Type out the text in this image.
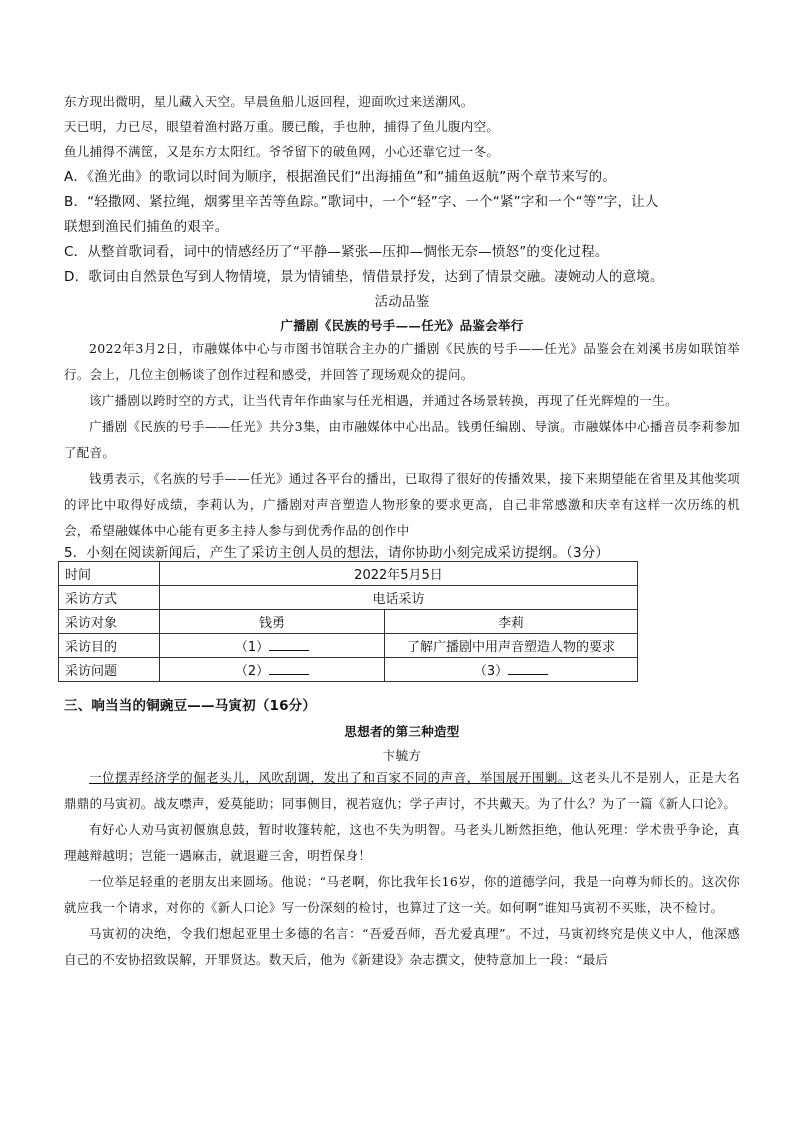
东方现出微明，星儿藏入天空。早晨鱼船儿返回程，迎面吹过来送潮风。

天已明，力已尽，眼望着渔村路万重。腰已酸，手也肿，捕得了鱼儿腹内空。

鱼儿捕得不满筐，又是东方太阳红。爷爷留下的破鱼网，小心还靠它过一冬。

A．《渔光曲》的歌词以时间为顺序，根据渔民们“出海捕鱼”和“捕鱼返航”两个章节来写的。

B．“轻撒网、紧拉绳，烟雾里辛苦等鱼踪。”歌词中，一个“轻”字、一个“紧”字和一个“等”字，让人

联想到渔民们捕鱼的艰辛。

C．从整首歌词看，词中的情感经历了“平静—紧张—压抑—惆怅无奈—愤怒”的变化过程。

D．歌词由自然景色写到人物情境，景为情铺垫，情借景抒发，达到了情景交融。凄婉动人的意境。

活动品鉴

广播剧《民族的号手——任光》品鉴会举行

2022年3月2日，市融媒体中心与市图书馆联合主办的广播剧《民族的号手——任光》品鉴会在刘溪书房如联馆举行。会上，几位主创畅谈了创作过程和感受，并回答了现场观众的提问。

该广播剧以跨时空的方式，让当代青年作曲家与任光相遇，并通过各场景转换，再现了任光辉煌的一生。

广播剧《民族的号手——任光》共分3集，由市融媒体中心出品。钱勇任编剧、导演。市融媒体中心播音员李莉参加了配音。

钱勇表示，《名族的号手——任光》通过各平台的播出，已取得了很好的传播效果，接下来期望能在省里及其他奖项的评比中取得好成绩，李莉认为，广播剧对声音塑造人物形象的要求更高，自己非常感激和庆幸有这样一次历练的机会，希望融媒体中心能有更多主持人参与到优秀作品的创作中

5．小刻在阅读新闻后，产生了采访主创人员的想法，请你协助小刻完成采访提纲。（3分）

时间	2022年5月5日	
采访方式	电话采访	
采访对象	钱勇	李莉
采访目的	（1）	了解广播剧中用声音塑造人物的要求
采访问题	（2）	（3）

三、响当当的铜豌豆——马寅初（16分）

思想者的第三种造型

卞毓方

一位摆弄经济学的倔老头儿，风吹刮调，发出了和百家不同的声音，举国展开围剿。这老头儿不是别人，正是大名鼎鼎的马寅初。战友噤声，爱莫能助；同事侧目，视若寇仇；学子声讨，不共戴天。为了什么？为了一篇《新人口论》。

有好心人劝马寅初偃旗息鼓，暂时收篷转舵，这也不失为明智。马老头儿断然拒绝，他认死理：学术贵乎争论，真理越辩越明；岂能一遇麻击，就退避三舍，明哲保身！

一位举足轻重的老朋友出来圆场。他说：“马老啊，你比我年长16岁，你的道德学问，我是一向尊为师长的。这次你就应我一个请求，对你的《新人口论》写一份深刻的检讨，也算过了这一关。如何啊”谁知马寅初不买账，决不检讨。

马寅初的决绝，令我们想起亚里士多德的名言：“吾爱吾师，吾尤爱真理”。不过，马寅初终究是侠义中人，他深感自己的不安协招致误解，开罪贤达。数天后，他为《新建设》杂志撰文，使特意加上一段：“最后
